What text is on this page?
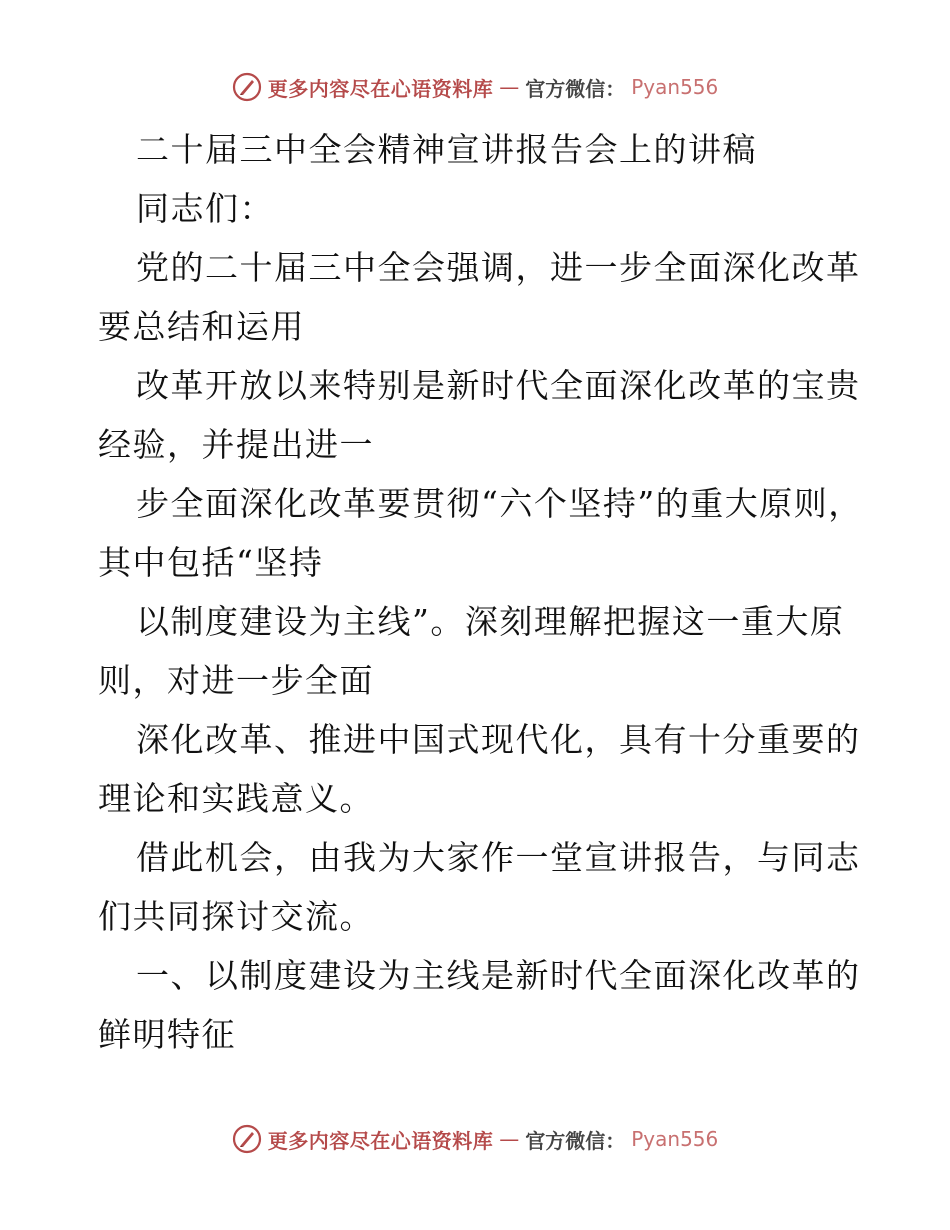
更多内容尽在心语资料库 — 官方微信： Pyan556

二十届三中全会精神宣讲报告会上的讲稿

同志们：

党的二十届三中全会强调，进一步全面深化改革要总结和运用

改革开放以来特别是新时代全面深化改革的宝贵经验，并提出进一

步全面深化改革要贯彻“六个坚持”的重大原则，其中包括“坚持

以制度建设为主线”。深刻理解把握这一重大原则，对进一步全面

深化改革、推进中国式现代化，具有十分重要的理论和实践意义。

借此机会，由我为大家作一堂宣讲报告，与同志们共同探讨交流。

一、以制度建设为主线是新时代全面深化改革的鲜明特征

更多内容尽在心语资料库 — 官方微信： Pyan556
